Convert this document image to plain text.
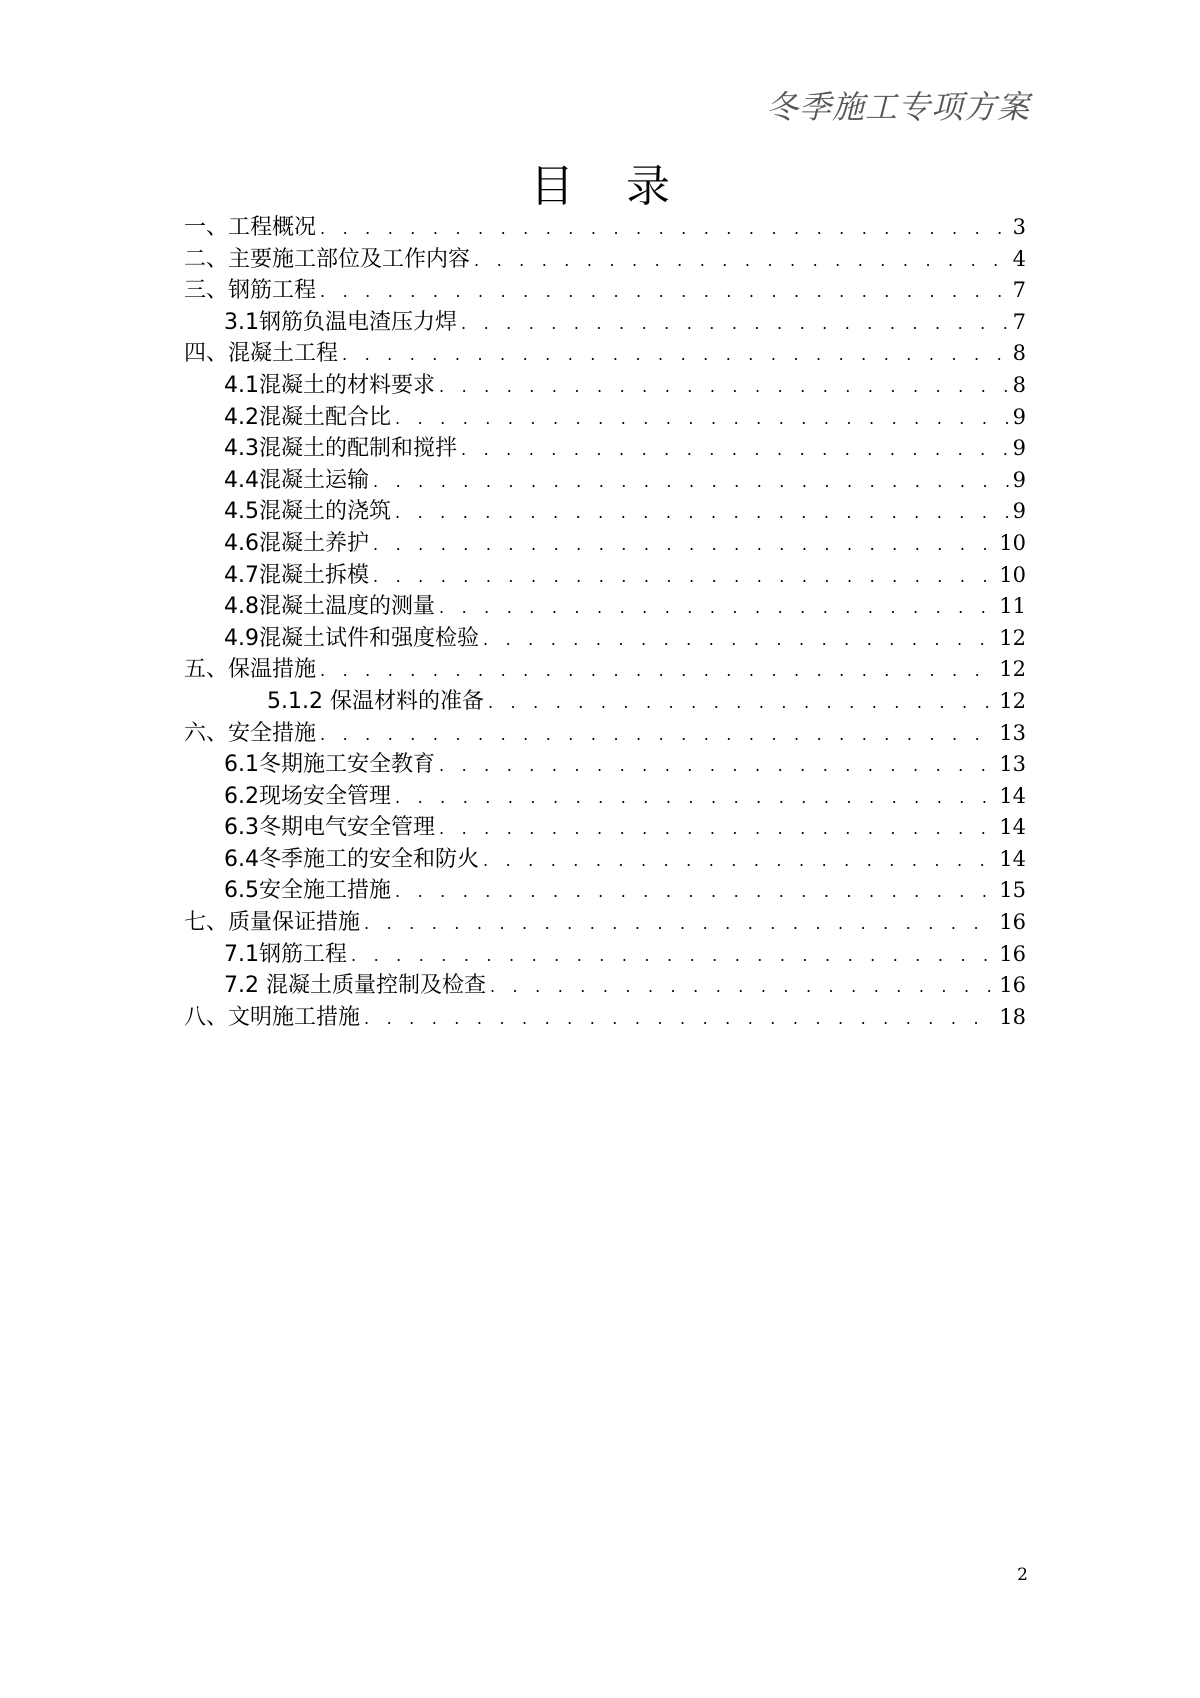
冬季施工专项方案
目录
一、工程概况 . . .	3
二、主要施工部位及工作内容 . . .	4
三、钢筋工程 . . .	7
3.1钢筋负温电渣压力焊 . . .	7
四、混凝土工程 . . .	8
4.1混凝土的材料要求 . . .	8
4.2混凝土配合比 . . .	9
4.3混凝土的配制和搅拌 . . .	9
4.4混凝土运输 . . .	9
4.5混凝土的浇筑 . . .	9
4.6混凝土养护 . . .	10
4.7混凝土拆模 . . .	10
4.8混凝土温度的测量 . . .	11
4.9混凝土试件和强度检验 . . .	12
五、保温措施 . . .	12
5.1.2 保温材料的准备 . . .	12
六、安全措施 . . .	13
6.1冬期施工安全教育 . . .	13
6.2现场安全管理 . . .	14
6.3冬期电气安全管理 . . .	14
6.4冬季施工的安全和防火 . . .	14
6.5安全施工措施 . . .	15
七、质量保证措施 . . .	16
7.1钢筋工程 . . .	16
7.2 混凝土质量控制及检查 . . .	16
八、文明施工措施 . . .	18
2
